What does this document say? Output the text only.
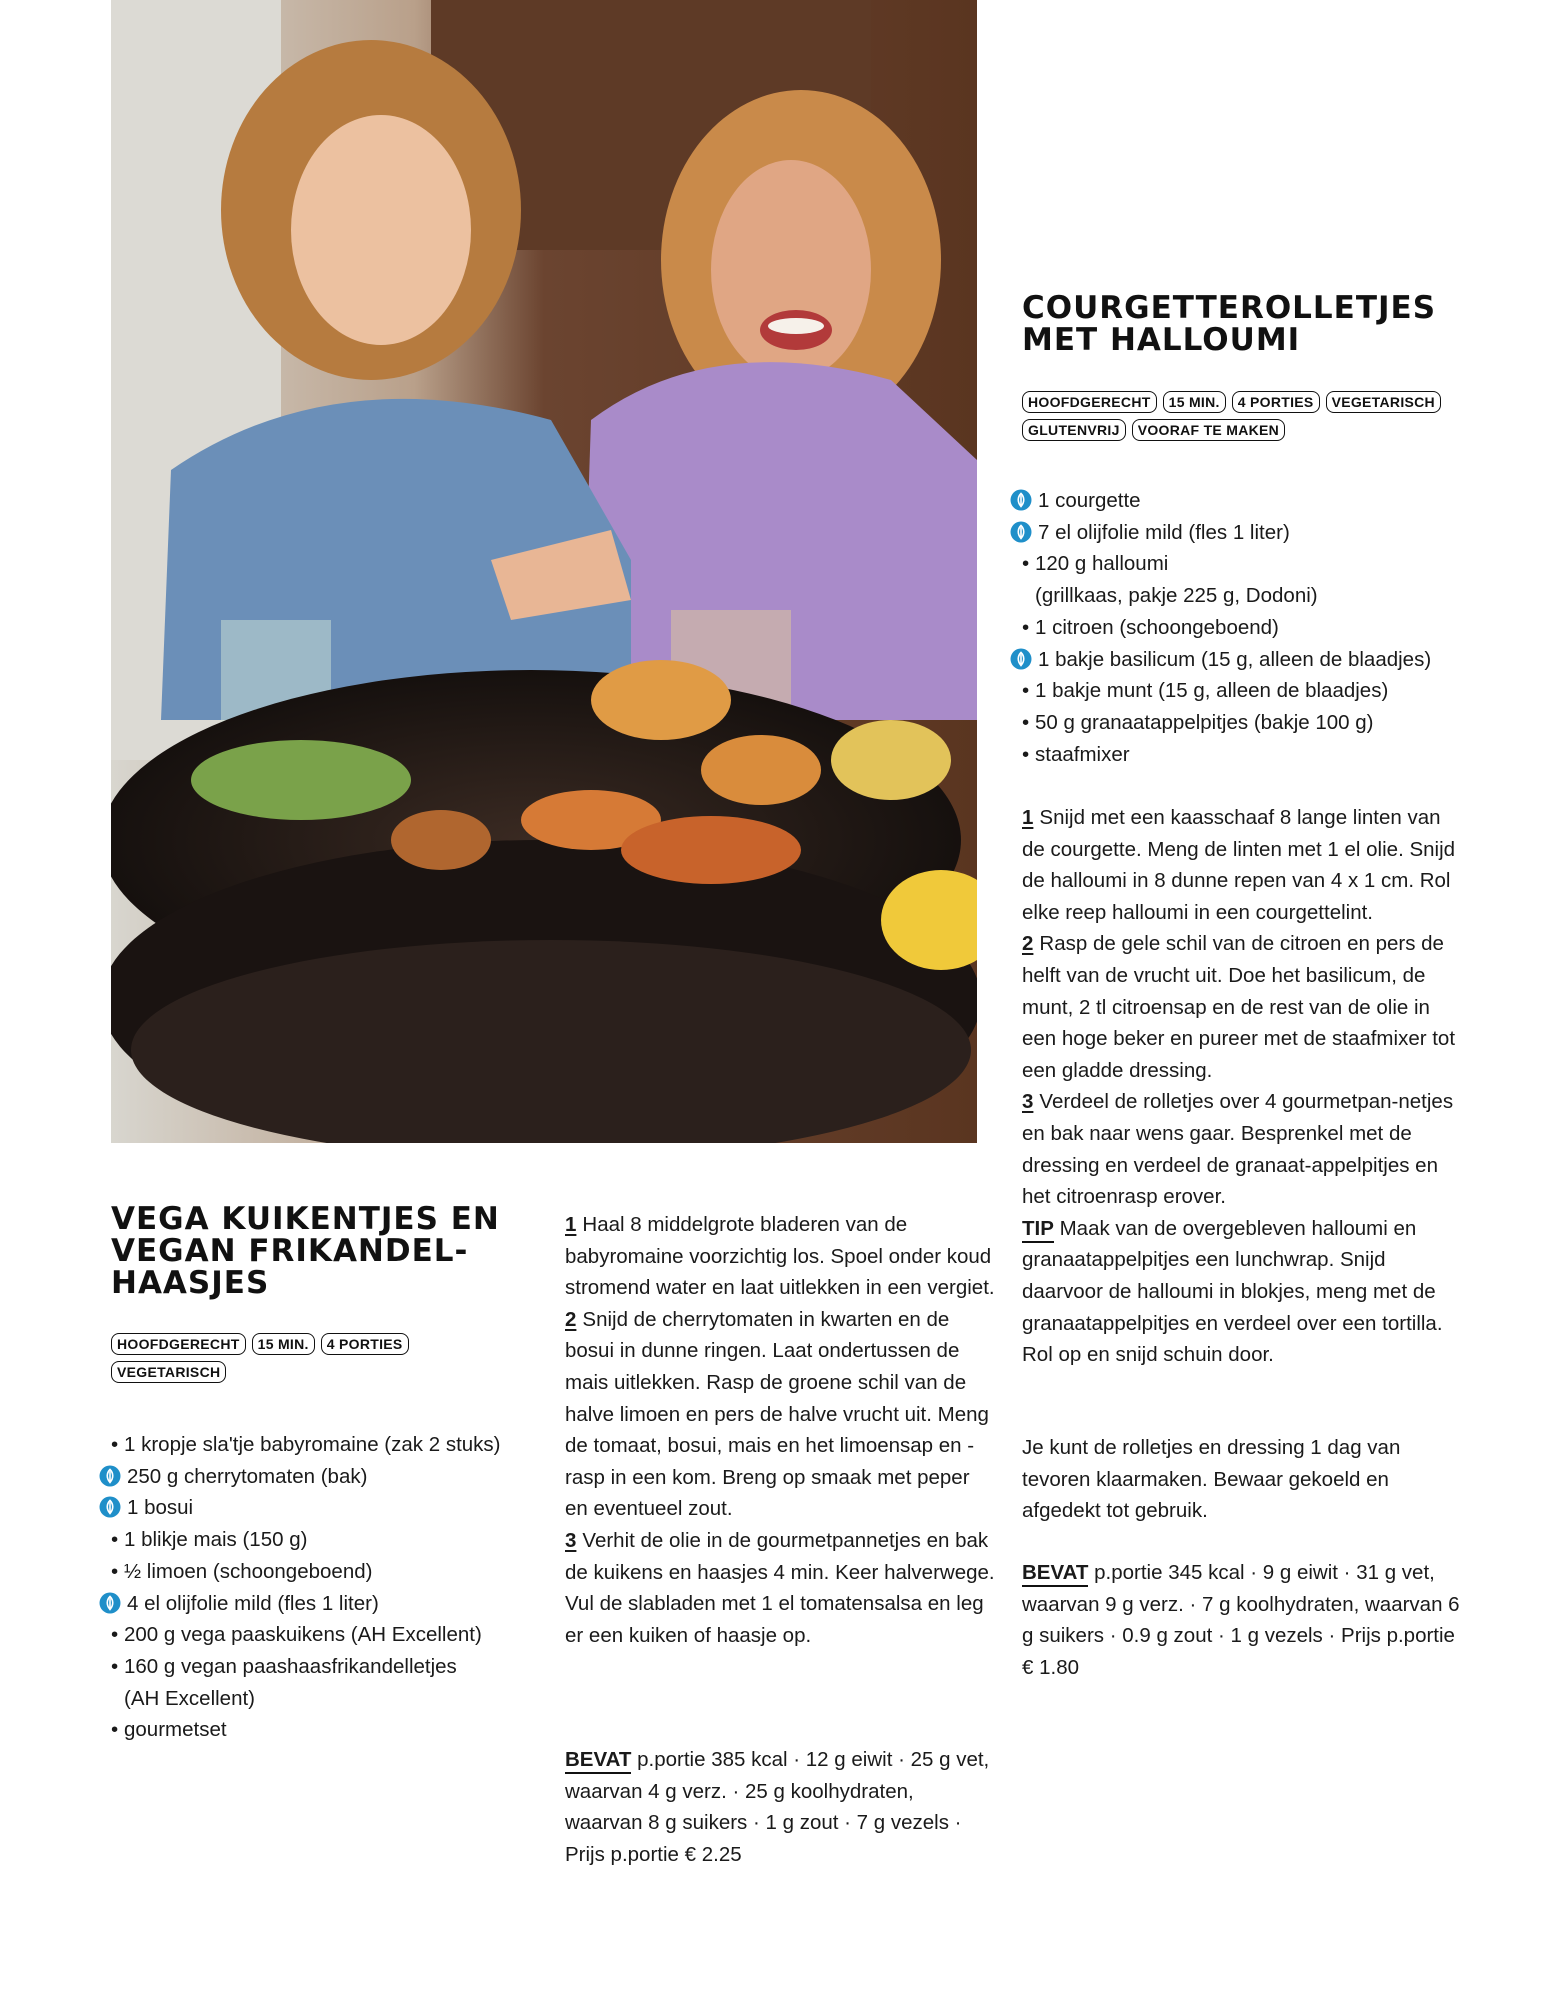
COURGETTEROLLETJES
MET HALLOUMI
HOOFDGERECHT	15 MIN.	4 PORTIES	VEGETARISCH
GLUTENVRIJ	VOORAF TE MAKEN
1 courgette
7 el olijfolie mild (fles 1 liter)
• 120 g halloumi
(grillkaas, pakje 225 g, Dodoni)
• 1 citroen (schoongeboend)
1 bakje basilicum (15 g, alleen de blaadjes)
• 1 bakje munt (15 g, alleen de blaadjes)
• 50 g granaatappelpitjes (bakje 100 g)
• staafmixer

1 Snijd met een kaasschaaf 8 lange linten van de courgette. Meng de linten met 1 el olie. Snijd de halloumi in 8 dunne repen van 4 x 1 cm. Rol elke reep halloumi in een courgettelint.

2 Rasp de gele schil van de citroen en pers de helft van de vrucht uit. Doe het basilicum, de munt, 2 tl citroensap en de rest van de olie in een hoge beker en pureer met de staafmixer tot een gladde dressing.

3 Verdeel de rolletjes over 4 gourmetpan-netjes en bak naar wens gaar. Besprenkel met de dressing en verdeel de granaat-appelpitjes en het citroenrasp erover.

TIP Maak van de overgebleven halloumi en granaatappelpitjes een lunchwrap. Snijd daarvoor de halloumi in blokjes, meng met de granaatappelpitjes en verdeel over een tortilla. Rol op en snijd schuin door.

Je kunt de rolletjes en dressing 1 dag van tevoren klaarmaken. Bewaar gekoeld en afgedekt tot gebruik.

BEVAT p.portie 345 kcal · 9 g eiwit · 31 g vet, waarvan 9 g verz. · 7 g koolhydraten, waarvan 6 g suikers · 0.9 g zout · 1 g vezels · Prijs p.portie € 1.80

VEGA KUIKENTJES EN
VEGAN FRIKANDEL-
HAASJES
HOOFDGERECHT	15 MIN.	4 PORTIES
VEGETARISCH
• 1 kropje sla'tje babyromaine (zak 2 stuks)
250 g cherrytomaten (bak)
1 bosui
• 1 blikje mais (150 g)
• ½ limoen (schoongeboend)
4 el olijfolie mild (fles 1 liter)
• 200 g vega paaskuikens (AH Excellent)
• 160 g vegan paashaasfrikandelletjes
(AH Excellent)
• gourmetset

1 Haal 8 middelgrote bladeren van de babyromaine voorzichtig los. Spoel onder koud stromend water en laat uitlekken in een vergiet.

2 Snijd de cherrytomaten in kwarten en de bosui in dunne ringen. Laat ondertussen de mais uitlekken. Rasp de groene schil van de halve limoen en pers de halve vrucht uit. Meng de tomaat, bosui, mais en het limoensap en -rasp in een kom. Breng op smaak met peper en eventueel zout.

3 Verhit de olie in de gourmetpannetjes en bak de kuikens en haasjes 4 min. Keer halverwege. Vul de slabladen met 1 el tomatensalsa en leg er een kuiken of haasje op.

BEVAT p.portie 385 kcal · 12 g eiwit · 25 g vet, waarvan 4 g verz. · 25 g koolhydraten, waarvan 8 g suikers · 1 g zout · 7 g vezels · Prijs p.portie € 2.25
